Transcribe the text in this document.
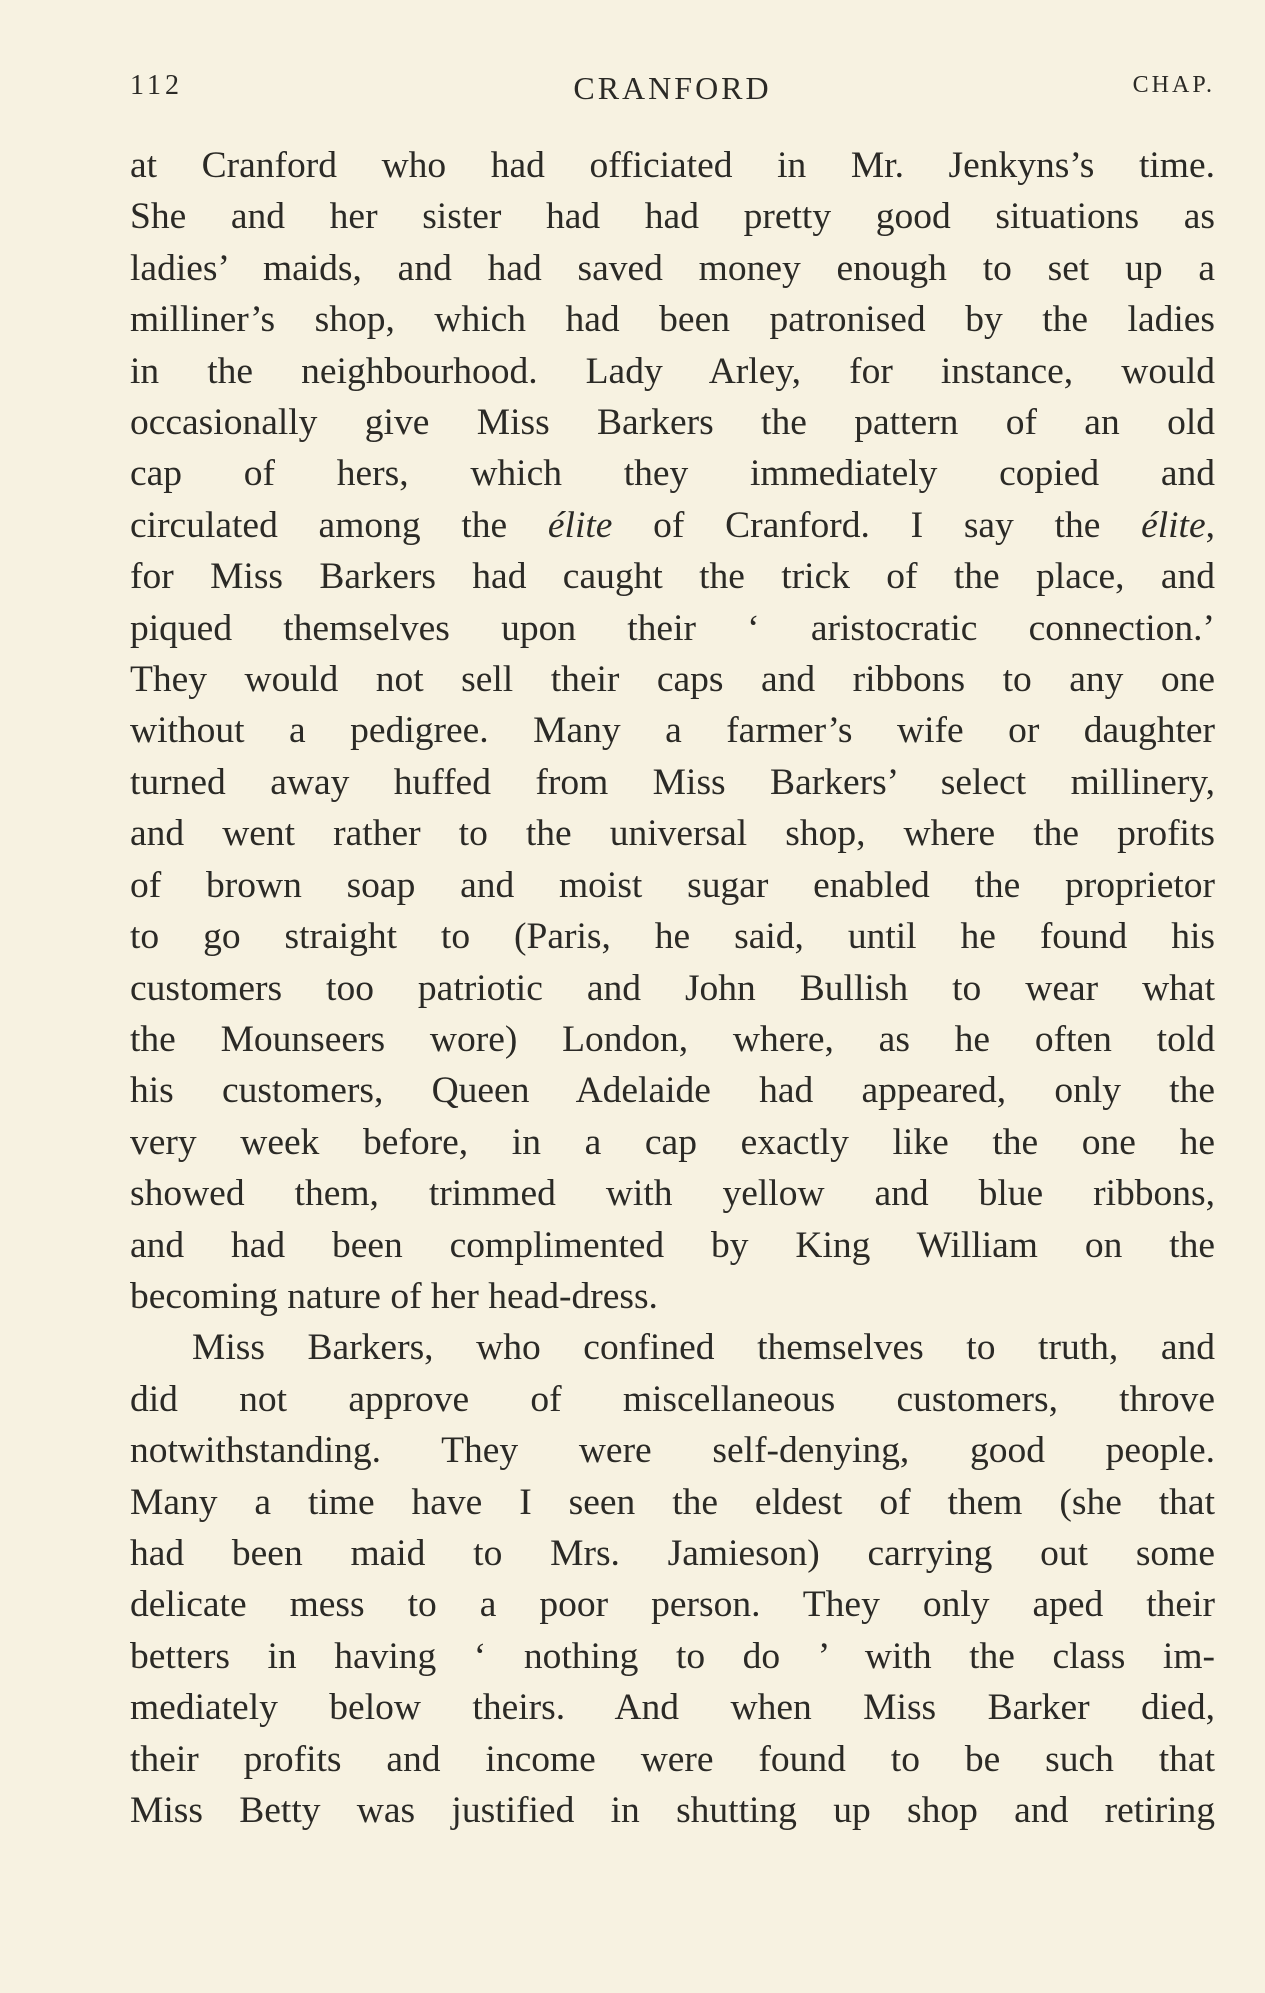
112	CRANFORD	CHAP.
at Cranford who had officiated in Mr. Jenkyns’s time.
She and her sister had had pretty good situations as
ladies’ maids, and had saved money enough to set up a
milliner’s shop, which had been patronised by the ladies
in the neighbourhood. Lady Arley, for instance, would
occasionally give Miss Barkers the pattern of an old
cap of hers, which they immediately copied and
circulated among the élite of Cranford. I say the élite,
for Miss Barkers had caught the trick of the place, and
piqued themselves upon their ‘ aristocratic connection.’
They would not sell their caps and ribbons to any one
without a pedigree. Many a farmer’s wife or daughter
turned away huffed from Miss Barkers’ select millinery,
and went rather to the universal shop, where the profits
of brown soap and moist sugar enabled the proprietor
to go straight to (Paris, he said, until he found his
customers too patriotic and John Bullish to wear what
the Mounseers wore) London, where, as he often told
his customers, Queen Adelaide had appeared, only the
very week before, in a cap exactly like the one he
showed them, trimmed with yellow and blue ribbons,
and had been complimented by King William on the
becoming nature of her head-dress.
Miss Barkers, who confined themselves to truth, and
did not approve of miscellaneous customers, throve
notwithstanding. They were self-denying, good people.
Many a time have I seen the eldest of them (she that
had been maid to Mrs. Jamieson) carrying out some
delicate mess to a poor person. They only aped their
betters in having ‘ nothing to do ’ with the class im-
mediately below theirs. And when Miss Barker died,
their profits and income were found to be such that
Miss Betty was justified in shutting up shop and retiring
